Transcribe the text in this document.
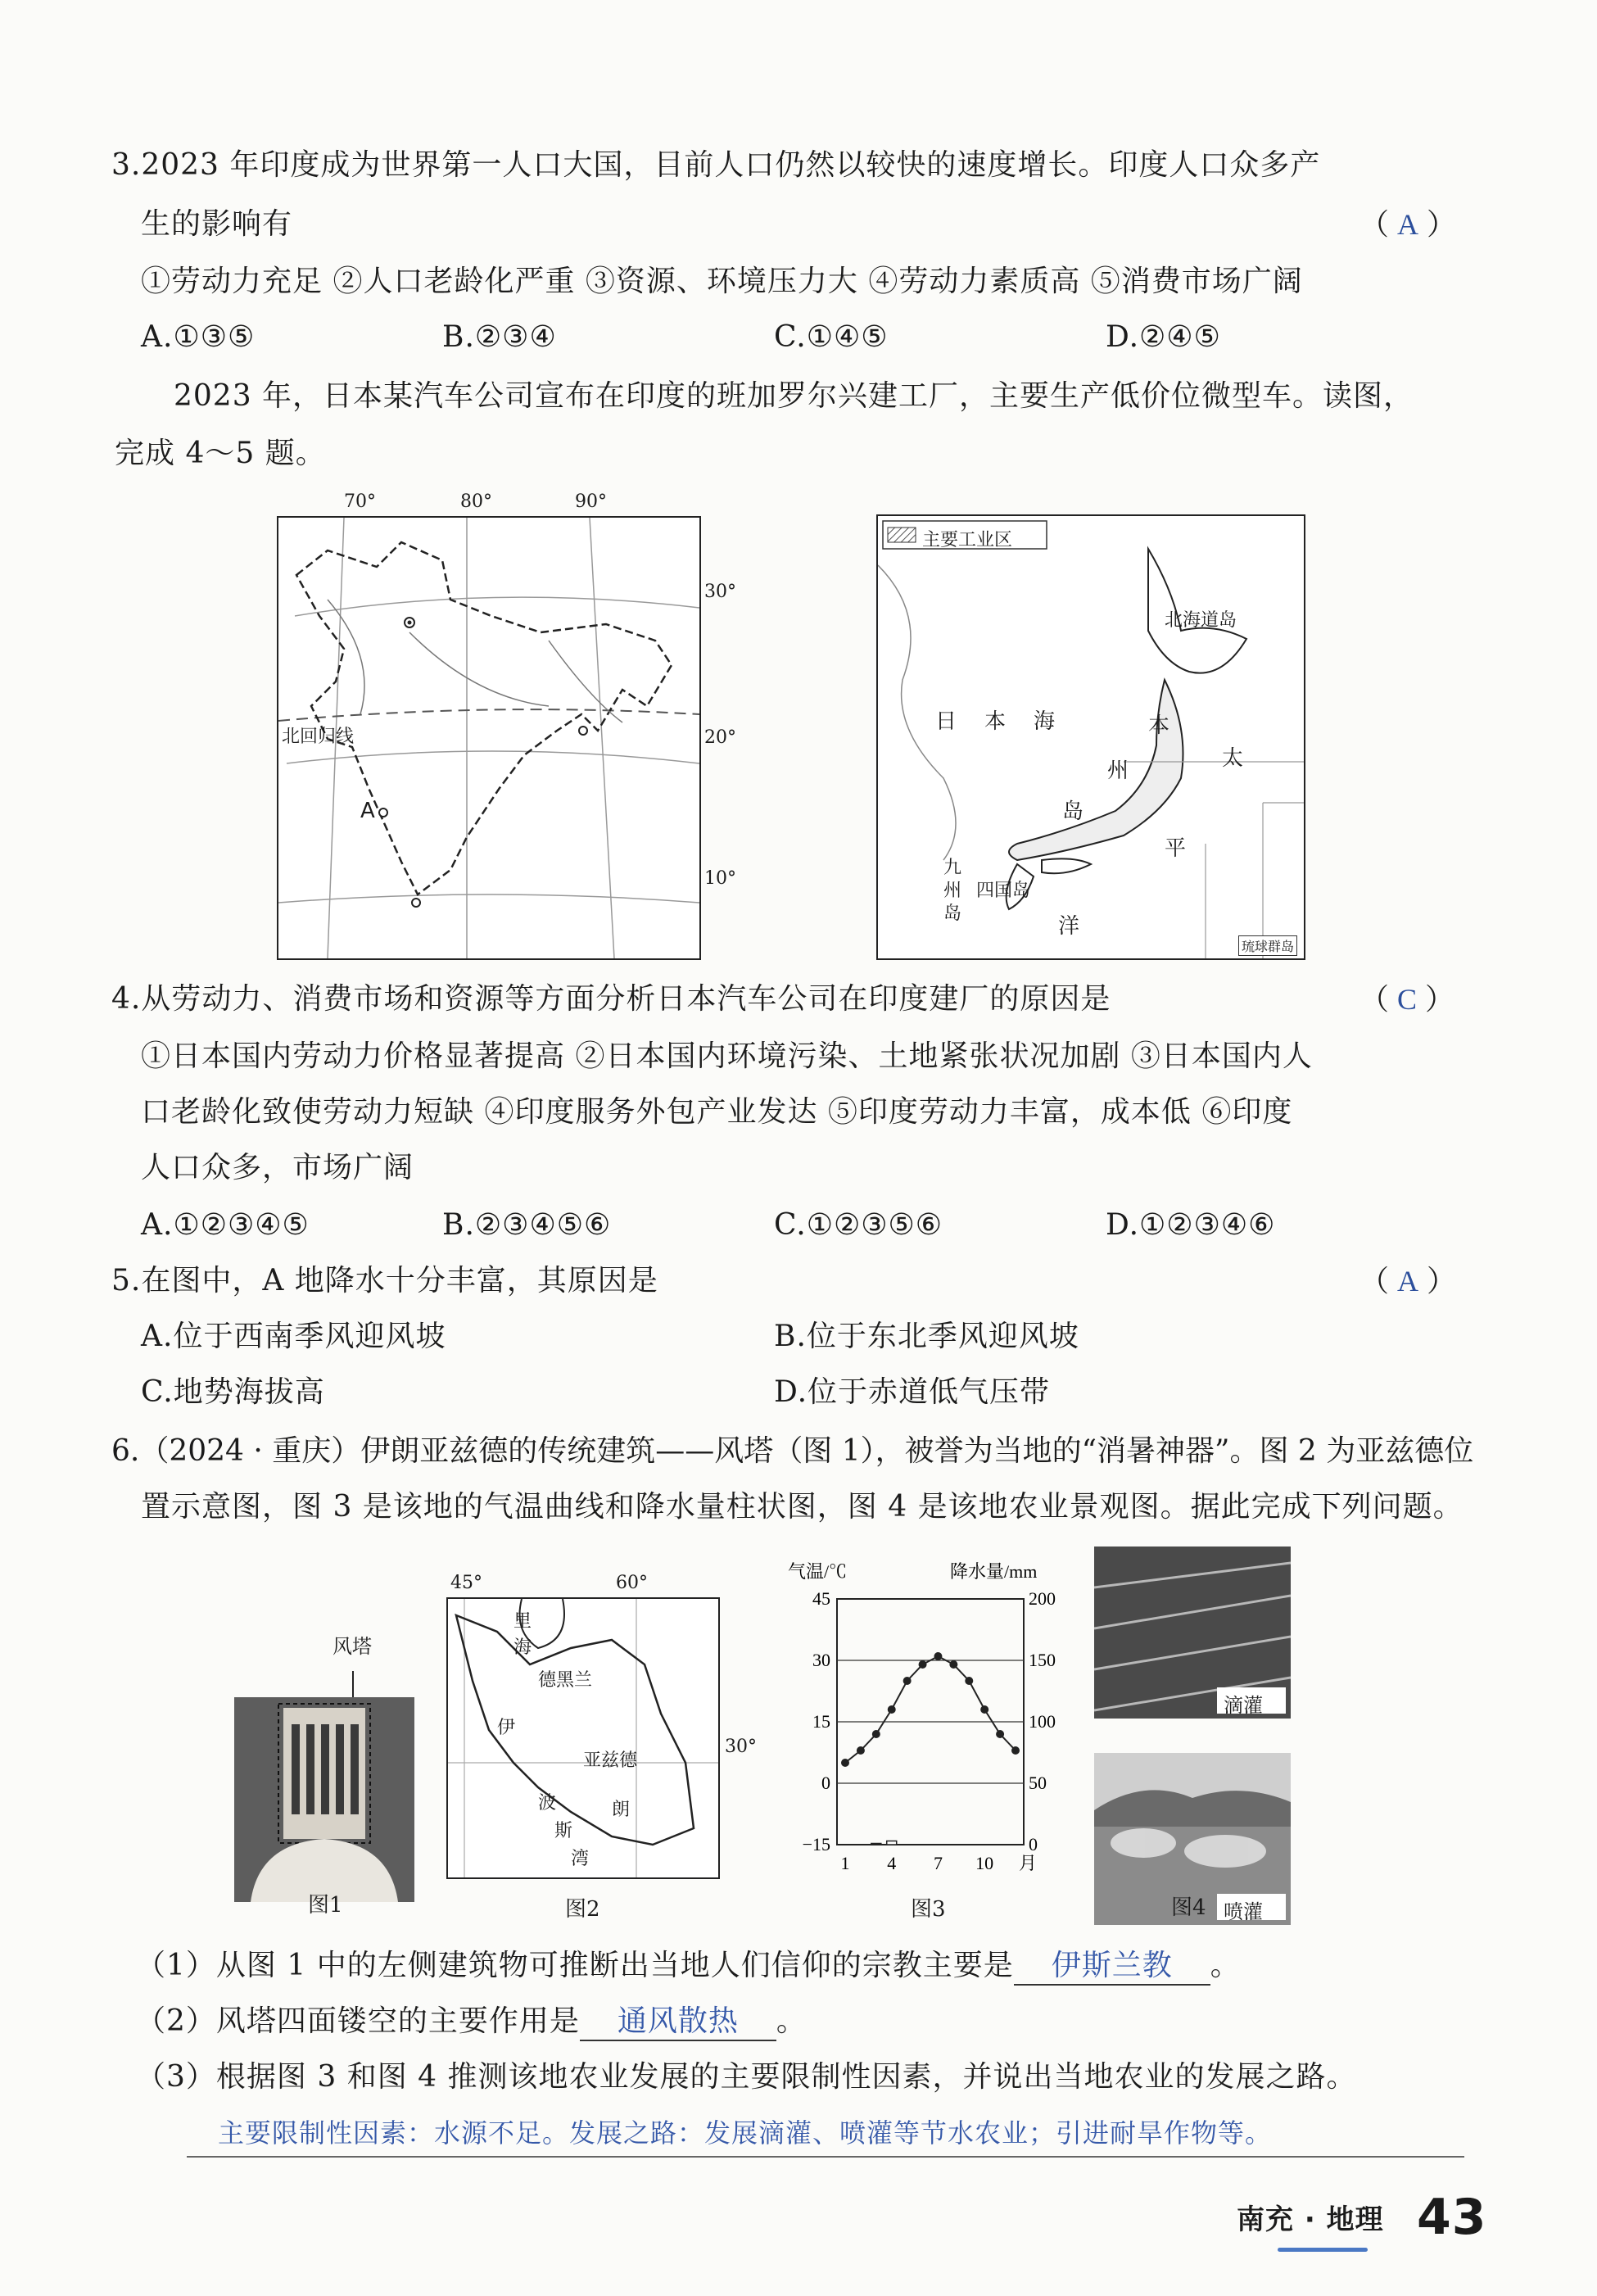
3.2023 年印度成为世界第一人口大国，目前人口仍然以较快的速度增长。印度人口众多产
生的影响有	（ A ）
①劳动力充足 ②人口老龄化严重 ③资源、环境压力大 ④劳动力素质高 ⑤消费市场广阔
A.①③⑤	B.②③④	C.①④⑤	D.②④⑤
2023 年，日本某汽车公司宣布在印度的班加罗尔兴建工厂，主要生产低价位微型车。读图，
完成 4～5 题。
70°	80°	90°
北回归线
A
30°
20°
10°
主要工业区
北海道岛
日 本 海	本
州
岛
太
平
洋
九
州
岛
四国岛
琉球群岛
4.从劳动力、消费市场和资源等方面分析日本汽车公司在印度建厂的原因是	（ C ）
①日本国内劳动力价格显著提高 ②日本国内环境污染、土地紧张状况加剧 ③日本国内人
口老龄化致使劳动力短缺 ④印度服务外包产业发达 ⑤印度劳动力丰富，成本低 ⑥印度
人口众多，市场广阔
A.①②③④⑤	B.②③④⑤⑥	C.①②③⑤⑥	D.①②③④⑥
5.在图中，A 地降水十分丰富，其原因是	（ A ）
A.位于西南季风迎风坡	B.位于东北季风迎风坡
C.地势海拔高	D.位于赤道低气压带
6.（2024 · 重庆）伊朗亚兹德的传统建筑——风塔（图 1），被誉为当地的“消暑神器”。图 2 为亚兹德位
置示意图，图 3 是该地的气温曲线和降水量柱状图，图 4 是该地农业景观图。据此完成下列问题。
风塔
图1
45°	60°
里
海
德黑兰
伊
亚兹德
朗
波
斯
湾
30°
图2
气温/℃	降水量/mm
45
30
15
0
−15
200
150
100
50
0
1 4 7 10 月
图3
滴灌
喷灌
图4
（1）从图 1 中的左侧建筑物可推断出当地人们信仰的宗教主要是 伊斯兰教 。
（2）风塔四面镂空的主要作用是 通风散热 。
（3）根据图 3 和图 4 推测该地农业发展的主要限制性因素，并说出当地农业的发展之路。
主要限制性因素：水源不足。发展之路：发展滴灌、喷灌等节水农业；引进耐旱作物等。
南充 · 地理 43
